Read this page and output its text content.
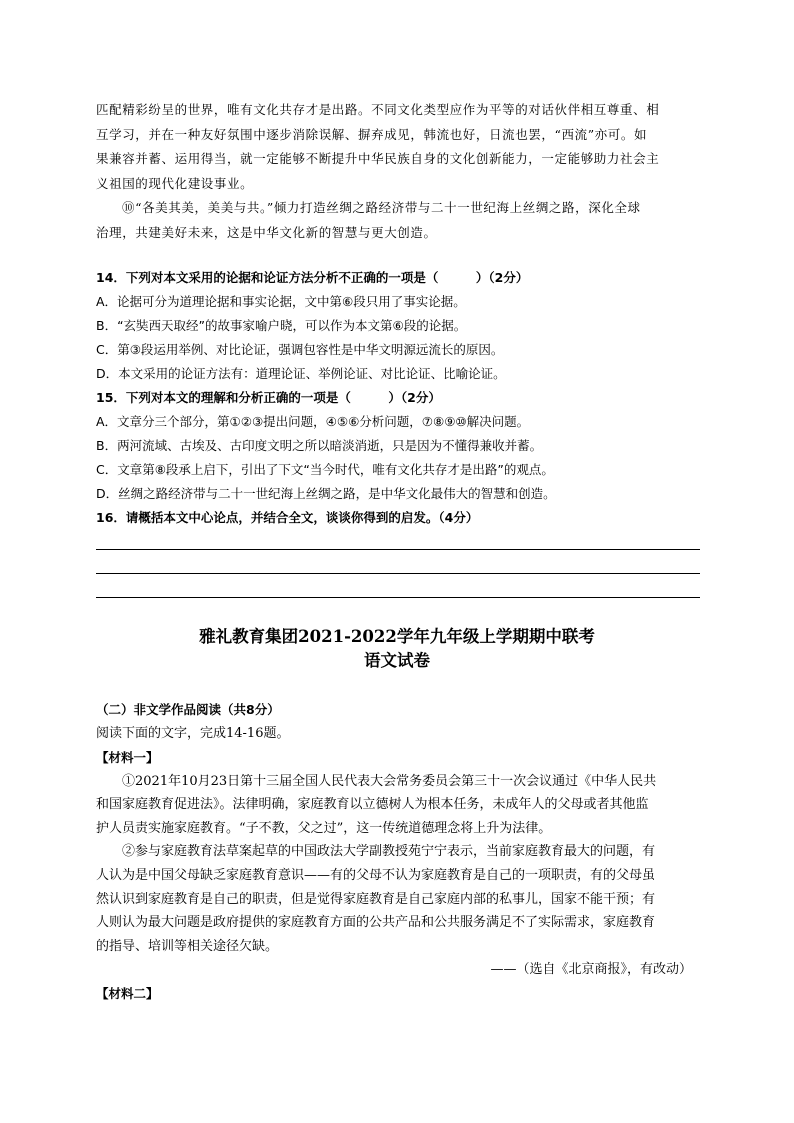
匹配精彩纷呈的世界，唯有文化共存才是出路。不同文化类型应作为平等的对话伙伴相互尊重、相

互学习，并在一种友好氛围中逐步消除误解、摒弃成见，韩流也好，日流也罢，“西流”亦可。如

果兼容并蓄、运用得当，就一定能够不断提升中华民族自身的文化创新能力，一定能够助力社会主

义祖国的现代化建设事业。

⑩“各美其美，美美与共。”倾力打造丝绸之路经济带与二十一世纪海上丝绸之路，深化全球

治理，共建美好未来，这是中华文化新的智慧与更大创造。

14．下列对本文采用的论据和论证方法分析不正确的一项是（　　　）（2分）

A．论据可分为道理论据和事实论据，文中第⑥段只用了事实论据。

B．“玄奘西天取经”的故事家喻户晓，可以作为本文第⑥段的论据。

C．第③段运用举例、对比论证，强调包容性是中华文明源远流长的原因。

D．本文采用的论证方法有：道理论证、举例论证、对比论证、比喻论证。

15．下列对本文的理解和分析正确的一项是（　　　）（2分）

A．文章分三个部分，第①②③提出问题，④⑤⑥分析问题，⑦⑧⑨⑩解决问题。

B．两河流域、古埃及、古印度文明之所以暗淡消逝，只是因为不懂得兼收并蓄。

C．文章第⑧段承上启下，引出了下文“当今时代，唯有文化共存才是出路”的观点。

D．丝绸之路经济带与二十一世纪海上丝绸之路，是中华文化最伟大的智慧和创造。

16．请概括本文中心论点，并结合全文，谈谈你得到的启发。（4分）

雅礼教育集团2021-2022学年九年级上学期期中联考

语文试卷

（二）非文学作品阅读（共8分）

阅读下面的文字，完成14-16题。

【材料一】

①2021年10月23日第十三届全国人民代表大会常务委员会第三十一次会议通过《中华人民共

和国家庭教育促进法》。法律明确，家庭教育以立德树人为根本任务，未成年人的父母或者其他监

护人员责实施家庭教育。“子不教，父之过”，这一传统道德理念将上升为法律。

②参与家庭教育法草案起草的中国政法大学副教授苑宁宁表示，当前家庭教育最大的问题，有

人认为是中国父母缺乏家庭教育意识——有的父母不认为家庭教育是自己的一项职责，有的父母虽

然认识到家庭教育是自己的职责，但是觉得家庭教育是自己家庭内部的私事儿，国家不能干预；有

人则认为最大问题是政府提供的家庭教育方面的公共产品和公共服务满足不了实际需求，家庭教育

的指导、培训等相关途径欠缺。

——（选自《北京商报》，有改动）

【材料二】
